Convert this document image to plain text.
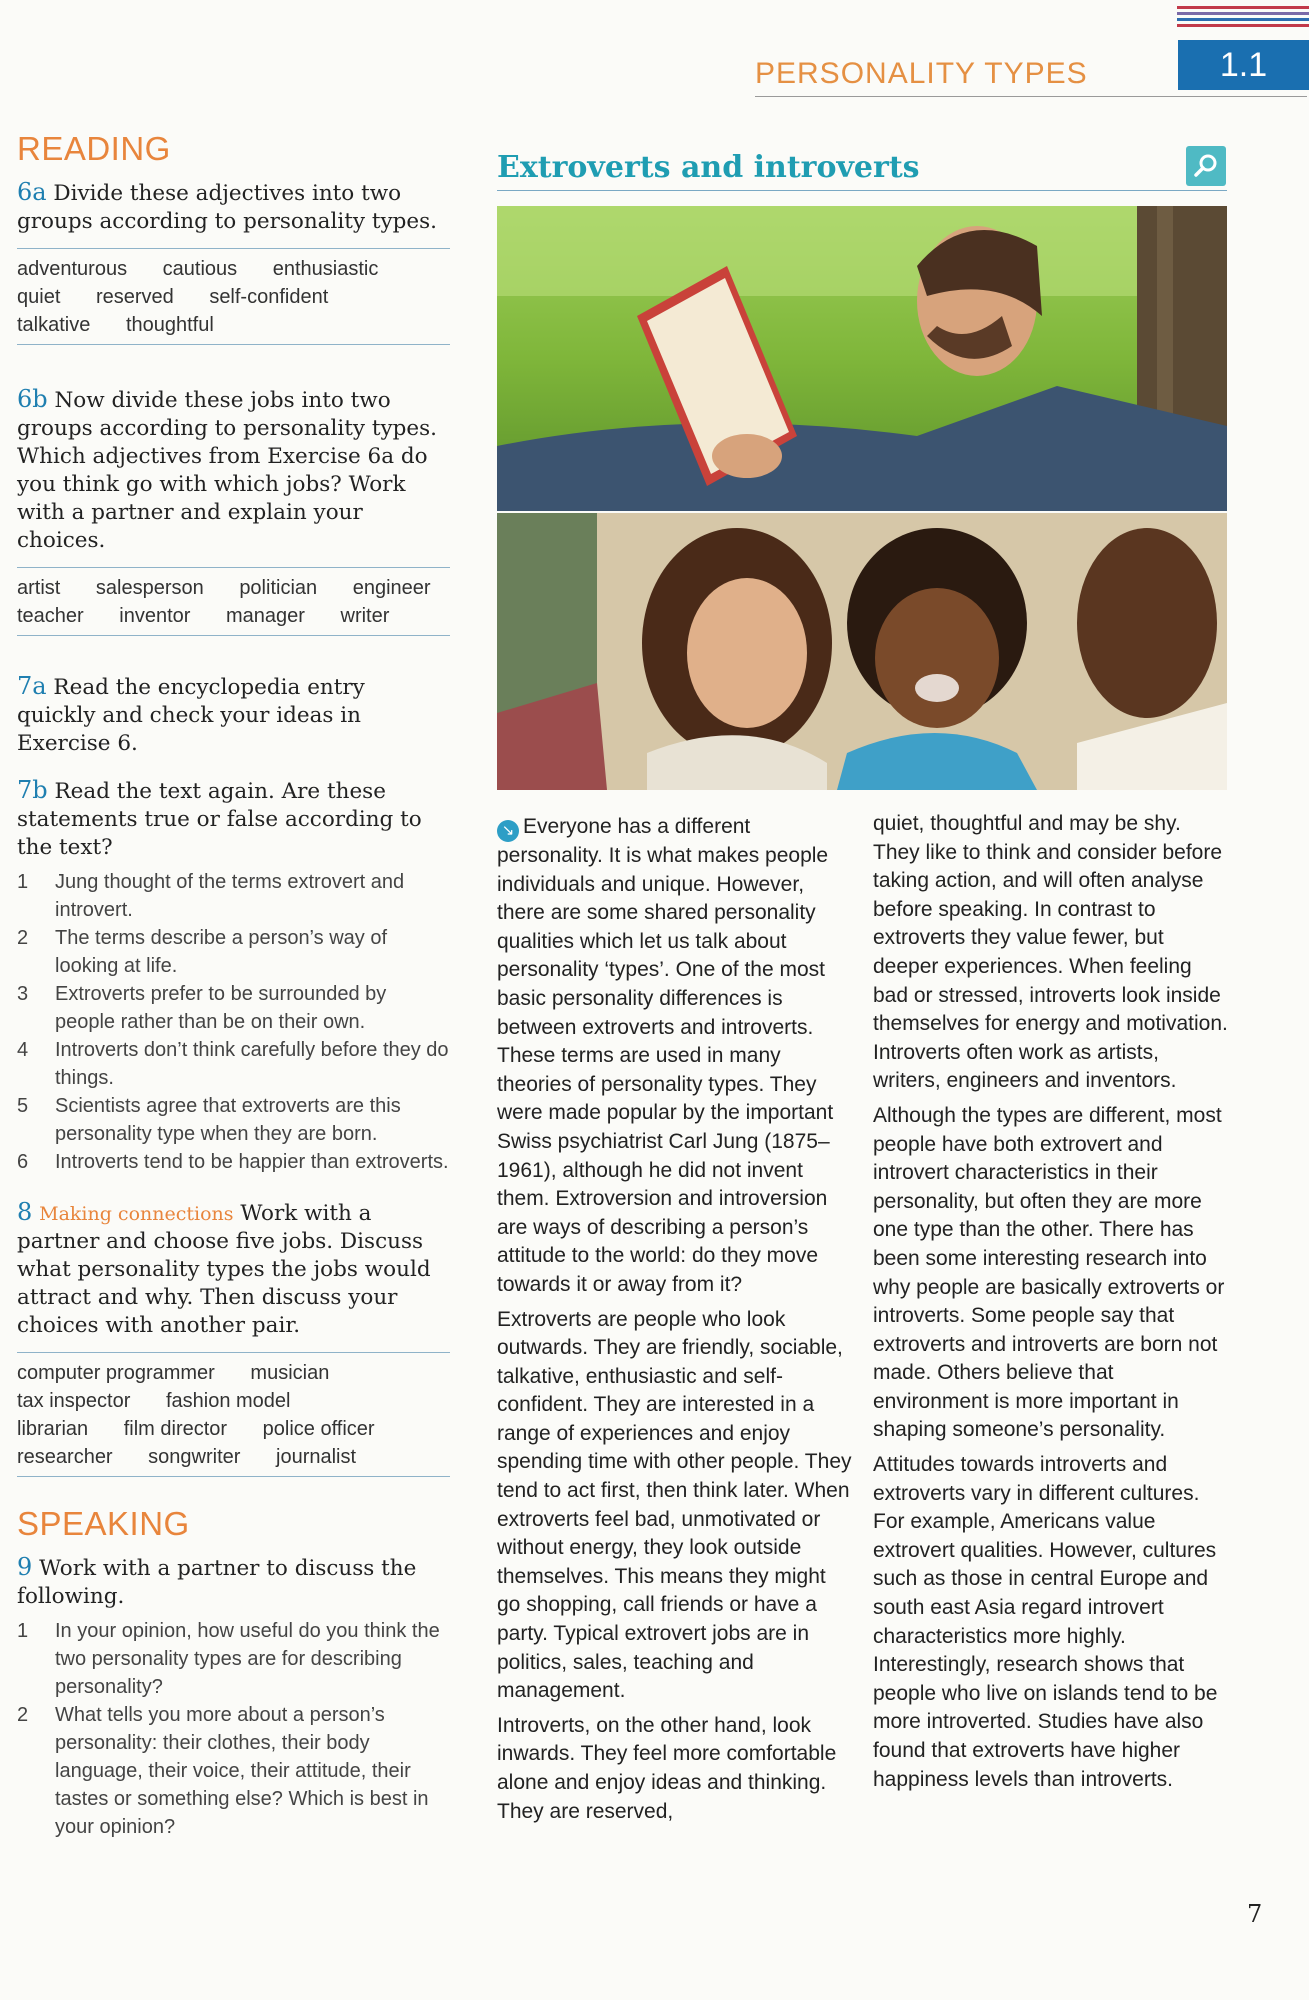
PERSONALITY TYPES	1.1
READING

6a Divide these adjectives into two groups according to personality types.

adventurous cautious enthusiastic
quiet reserved self-confident
talkative thoughtful

6b Now divide these jobs into two groups according to personality types. Which adjectives from Exercise 6a do you think go with which jobs? Work with a partner and explain your choices.

artist salesperson politician engineer
teacher inventor manager writer

7a Read the encyclopedia entry quickly and check your ideas in Exercise 6.

7b Read the text again. Are these statements true or false according to the text?

1	Jung thought of the terms extrovert and introvert.
2	The terms describe a person’s way of looking at life.
3	Extroverts prefer to be surrounded by people rather than be on their own.
4	Introverts don’t think carefully before they do things.
5	Scientists agree that extroverts are this personality type when they are born.
6	Introverts tend to be happier than extroverts.

8 Making connections Work with a partner and choose five jobs. Discuss what personality types the jobs would attract and why. Then discuss your choices with another pair.

computer programmer musician
tax inspector fashion model
librarian film director police officer
researcher songwriter journalist
SPEAKING

9 Work with a partner to discuss the following.

1	In your opinion, how useful do you think the two personality types are for describing personality?
2	What tells you more about a person’s personality: their clothes, their body language, their voice, their attitude, their tastes or something else? Which is best in your opinion?
Extroverts and introverts

↘ Everyone has a different personality. It is what makes people individuals and unique. However, there are some shared personality qualities which let us talk about personality ‘types’. One of the most basic personality differences is between extroverts and introverts. These terms are used in many theories of personality types. They were made popular by the important Swiss psychiatrist Carl Jung (1875–1961), although he did not invent them. Extroversion and introversion are ways of describing a person’s attitude to the world: do they move towards it or away from it?

Extroverts are people who look outwards. They are friendly, sociable, talkative, enthusiastic and self-confident. They are interested in a range of experiences and enjoy spending time with other people. They tend to act first, then think later. When extroverts feel bad, unmotivated or without energy, they look outside themselves. This means they might go shopping, call friends or have a party. Typical extrovert jobs are in politics, sales, teaching and management.

Introverts, on the other hand, look inwards. They feel more comfortable alone and enjoy ideas and thinking. They are reserved,

quiet, thoughtful and may be shy. They like to think and consider before taking action, and will often analyse before speaking. In contrast to extroverts they value fewer, but deeper experiences. When feeling bad or stressed, introverts look inside themselves for energy and motivation. Introverts often work as artists, writers, engineers and inventors.

Although the types are different, most people have both extrovert and introvert characteristics in their personality, but often they are more one type than the other. There has been some interesting research into why people are basically extroverts or introverts. Some people say that extroverts and introverts are born not made. Others believe that environment is more important in shaping someone’s personality.

Attitudes towards introverts and extroverts vary in different cultures. For example, Americans value extrovert qualities. However, cultures such as those in central Europe and south east Asia regard introvert characteristics more highly. Interestingly, research shows that people who live on islands tend to be more introverted. Studies have also found that extroverts have higher happiness levels than introverts.

7
